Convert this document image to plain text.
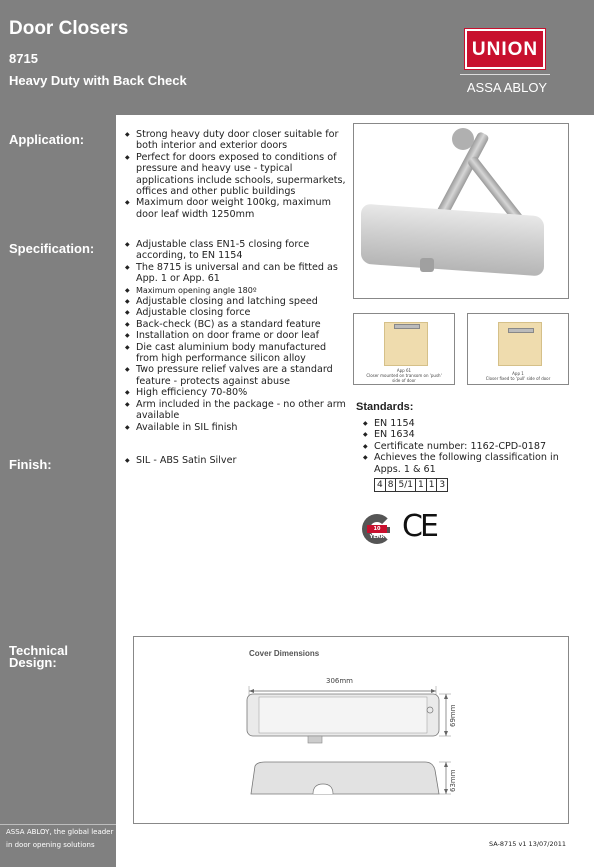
Door Closers
8715
Heavy Duty with Back Check
UNION
ASSA ABLOY
Application:
Specification:
Finish:
Technical
Design:
ASSA ABLOY, the global leader
in door opening solutions
◆ Strong heavy duty door closer suitable for both interior and exterior doors
◆ Perfect for doors exposed to conditions of pressure and heavy use - typical applications include schools, supermarkets, offices and other public buildings
◆ Maximum door weight 100kg, maximum door leaf width 1250mm
◆ Adjustable class EN1-5 closing force according, to EN 1154
◆ The 8715 is universal and can be fitted as App. 1 or App. 61
◆ Maximum opening angle 180º
◆ Adjustable closing and latching speed
◆ Adjustable closing force
◆ Back-check (BC) as a standard feature
◆ Installation on door frame or door leaf
◆ Die cast aluminium body manufactured from high performance silicon alloy
◆ Two pressure relief valves are a standard feature - protects against abuse
◆ High efficiency 70-80%
◆ Arm included in the package - no other arm available
◆ Available in SIL finish
◆ SIL - ABS Satin Silver
App 61
Closer mounted on transom on 'push'
side of door
App 1
Closer fixed to 'pull' side of door
Standards:
◆ EN 1154
◆ EN 1634
◆ Certificate number: 1162-CPD-0187
◆ Achieves the following classification in Apps. 1 & 61
4	8	5/1	1	1	3
10 YEAR CE
Cover Dimensions
306mm
69mm
63mm
SA-8715 v1 13/07/2011
